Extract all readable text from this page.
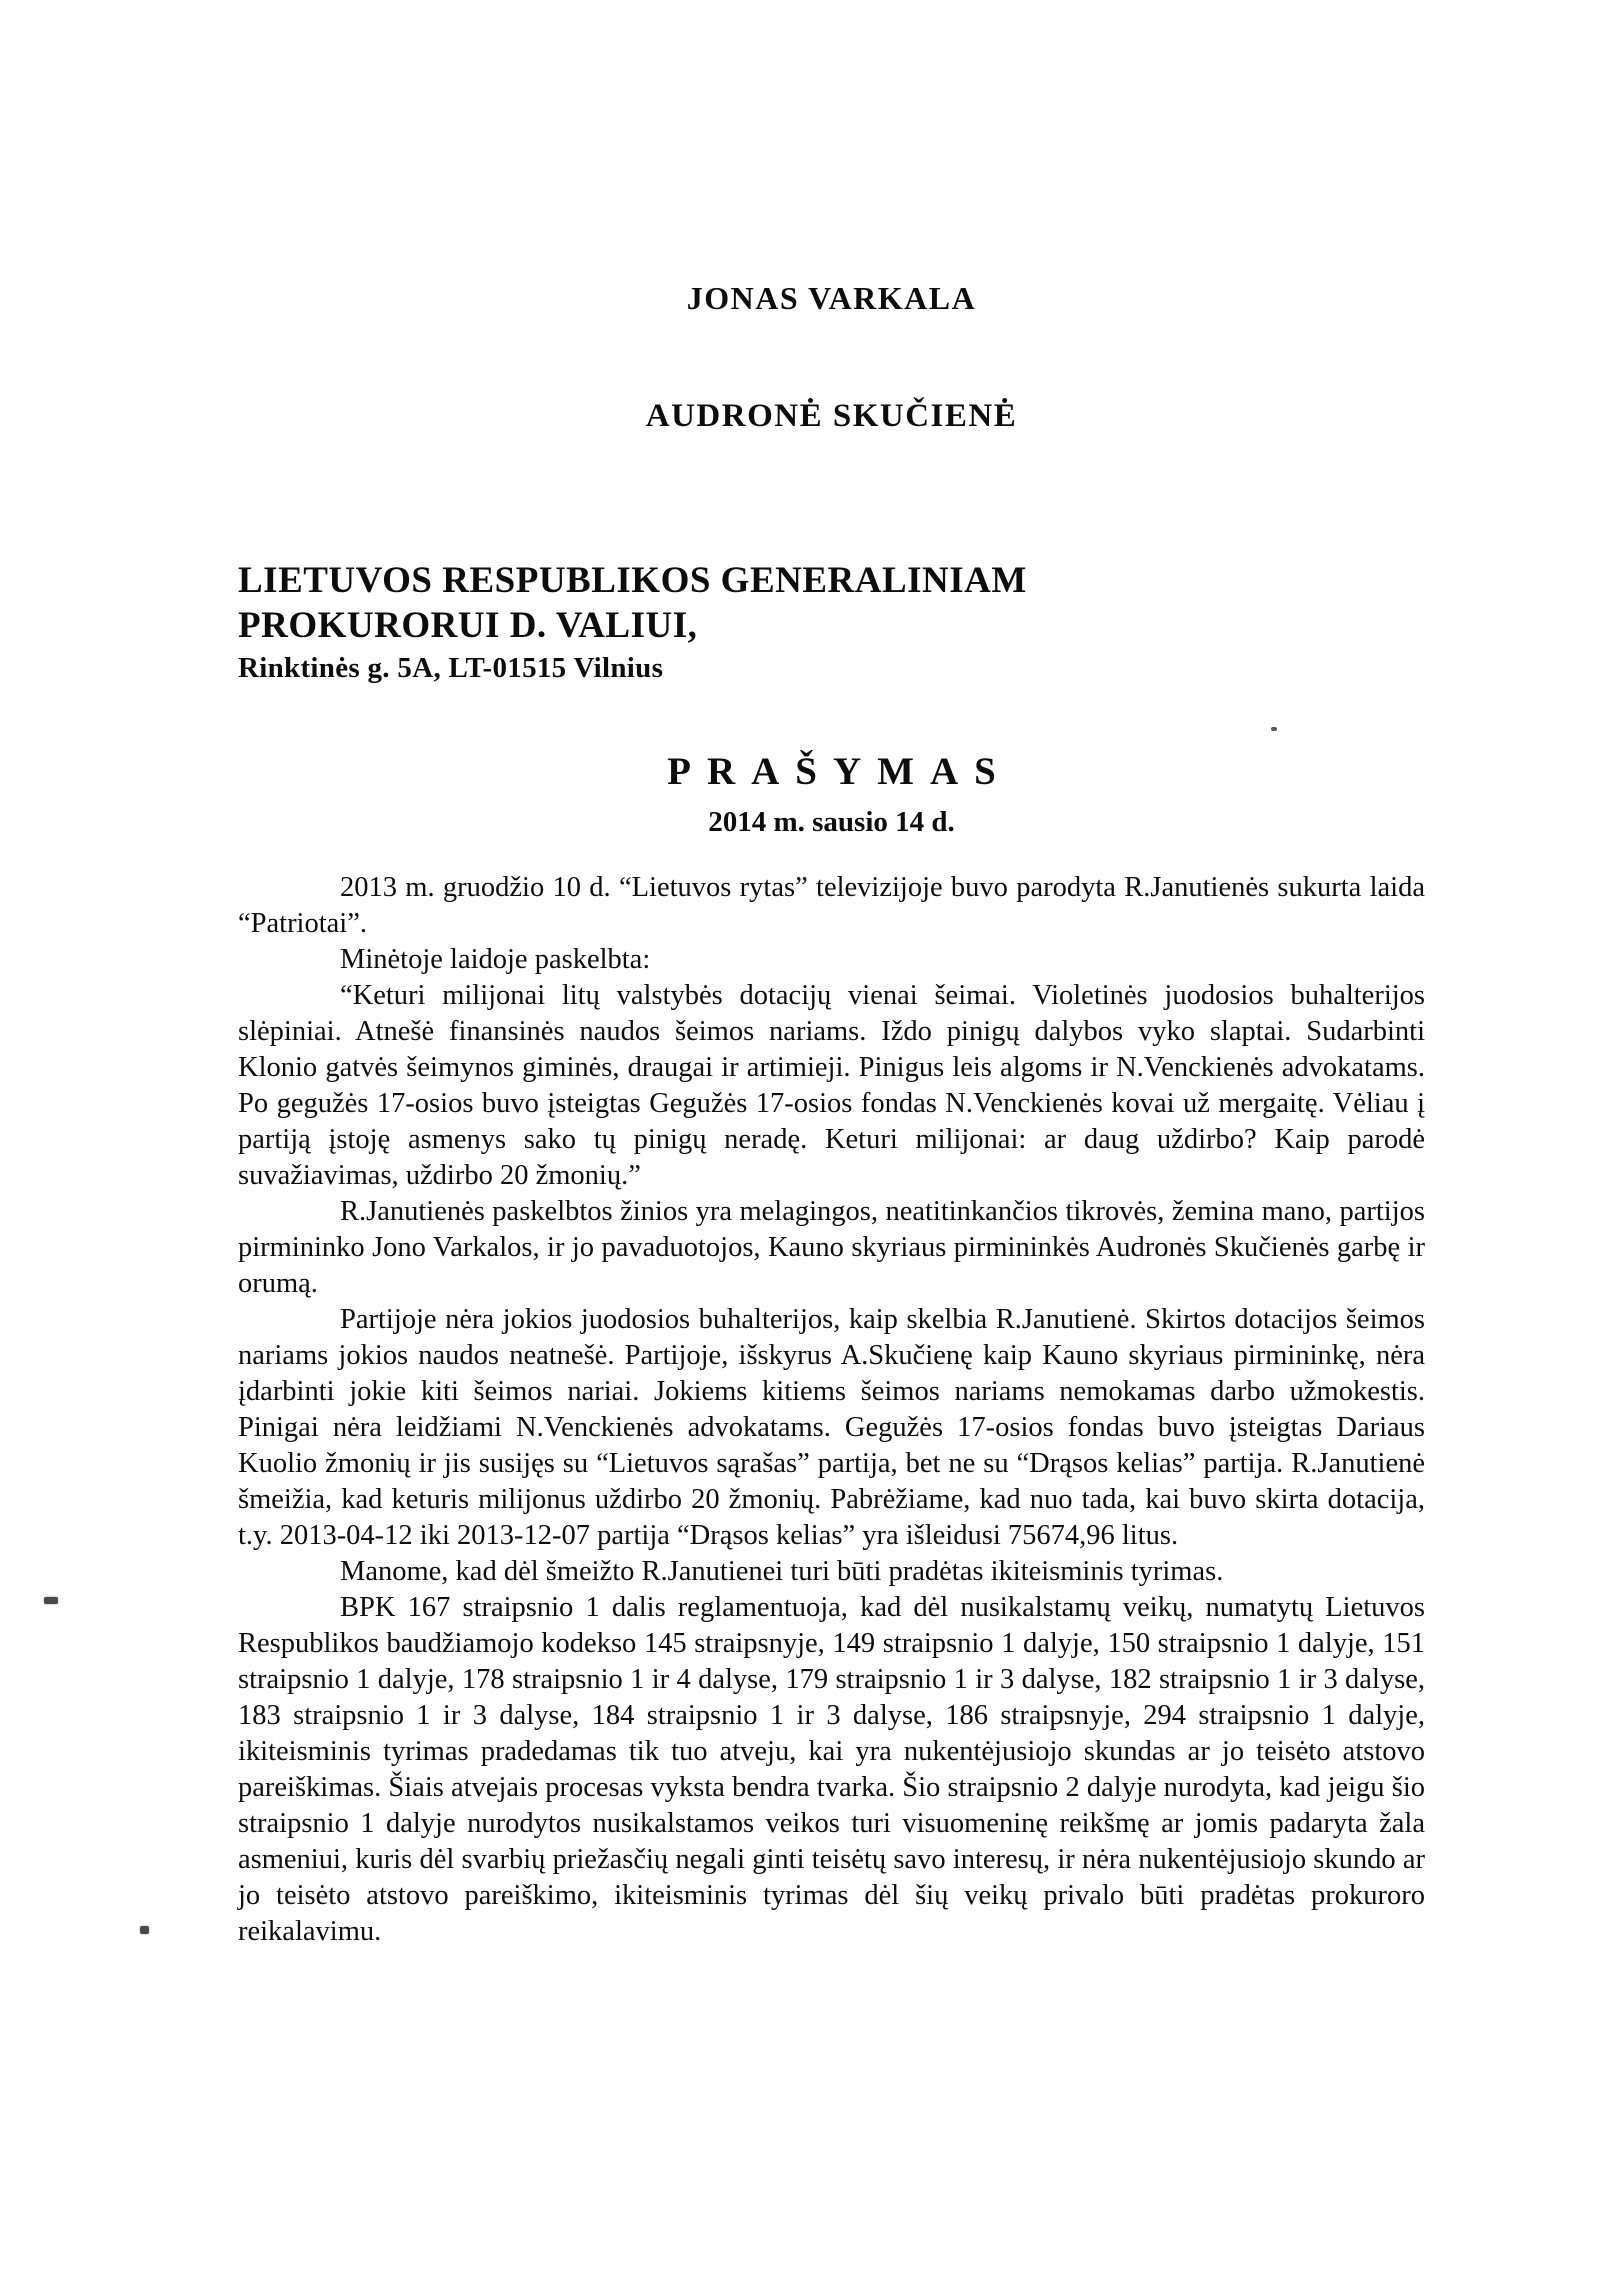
JONAS VARKALA
AUDRONĖ SKUČIENĖ
LIETUVOS RESPUBLIKOS GENERALINIAM
PROKURORUI D. VALIUI,
Rinktinės g. 5A, LT-01515 Vilnius
PRAŠYMAS
2014 m. sausio 14 d.

2013 m. gruodžio 10 d. “Lietuvos rytas” televizijoje buvo parodyta R.Janutienės sukurta laida “Patriotai”.

Minėtoje laidoje paskelbta:

“Keturi milijonai litų valstybės dotacijų vienai šeimai. Violetinės juodosios buhalterijos slėpiniai. Atnešė finansinės naudos šeimos nariams. Iždo pinigų dalybos vyko slaptai. Sudarbinti Klonio gatvės šeimynos giminės, draugai ir artimieji. Pinigus leis algoms ir N.Venckienės advokatams. Po gegužės 17-osios buvo įsteigtas Gegužės 17-osios fondas N.Venckienės kovai už mergaitę. Vėliau į partiją įstoję asmenys sako tų pinigų neradę. Keturi milijonai: ar daug uždirbo? Kaip parodė suvažiavimas, uždirbo 20 žmonių.”

R.Janutienės paskelbtos žinios yra melagingos, neatitinkančios tikrovės, žemina mano, partijos pirmininko Jono Varkalos, ir jo pavaduotojos, Kauno skyriaus pirmininkės Audronės Skučienės garbę ir orumą.

Partijoje nėra jokios juodosios buhalterijos, kaip skelbia R.Janutienė. Skirtos dotacijos šeimos nariams jokios naudos neatnešė. Partijoje, išskyrus A.Skučienę kaip Kauno skyriaus pirmininkę, nėra įdarbinti jokie kiti šeimos nariai. Jokiems kitiems šeimos nariams nemokamas darbo užmokestis. Pinigai nėra leidžiami N.Venckienės advokatams. Gegužės 17-osios fondas buvo įsteigtas Dariaus Kuolio žmonių ir jis susijęs su “Lietuvos sąrašas” partija, bet ne su “Drąsos kelias” partija. R.Janutienė šmeižia, kad keturis milijonus uždirbo 20 žmonių. Pabrėžiame, kad nuo tada, kai buvo skirta dotacija, t.y. 2013-04-12 iki 2013-12-07 partija “Drąsos kelias” yra išleidusi 75674,96 litus.

Manome, kad dėl šmeižto R.Janutienei turi būti pradėtas ikiteisminis tyrimas.

BPK 167 straipsnio 1 dalis reglamentuoja, kad dėl nusikalstamų veikų, numatytų Lietuvos Respublikos baudžiamojo kodekso 145 straipsnyje, 149 straipsnio 1 dalyje, 150 straipsnio 1 dalyje, 151 straipsnio 1 dalyje, 178 straipsnio 1 ir 4 dalyse, 179 straipsnio 1 ir 3 dalyse, 182 straipsnio 1 ir 3 dalyse, 183 straipsnio 1 ir 3 dalyse, 184 straipsnio 1 ir 3 dalyse, 186 straipsnyje, 294 straipsnio 1 dalyje, ikiteisminis tyrimas pradedamas tik tuo atveju, kai yra nukentėjusiojo skundas ar jo teisėto atstovo pareiškimas. Šiais atvejais procesas vyksta bendra tvarka. Šio straipsnio 2 dalyje nurodyta, kad jeigu šio straipsnio 1 dalyje nurodytos nusikalstamos veikos turi visuomeninę reikšmę ar jomis padaryta žala asmeniui, kuris dėl svarbių priežasčių negali ginti teisėtų savo interesų, ir nėra nukentėjusiojo skundo ar jo teisėto atstovo pareiškimo, ikiteisminis tyrimas dėl šių veikų privalo būti pradėtas prokuroro reikalavimu.
